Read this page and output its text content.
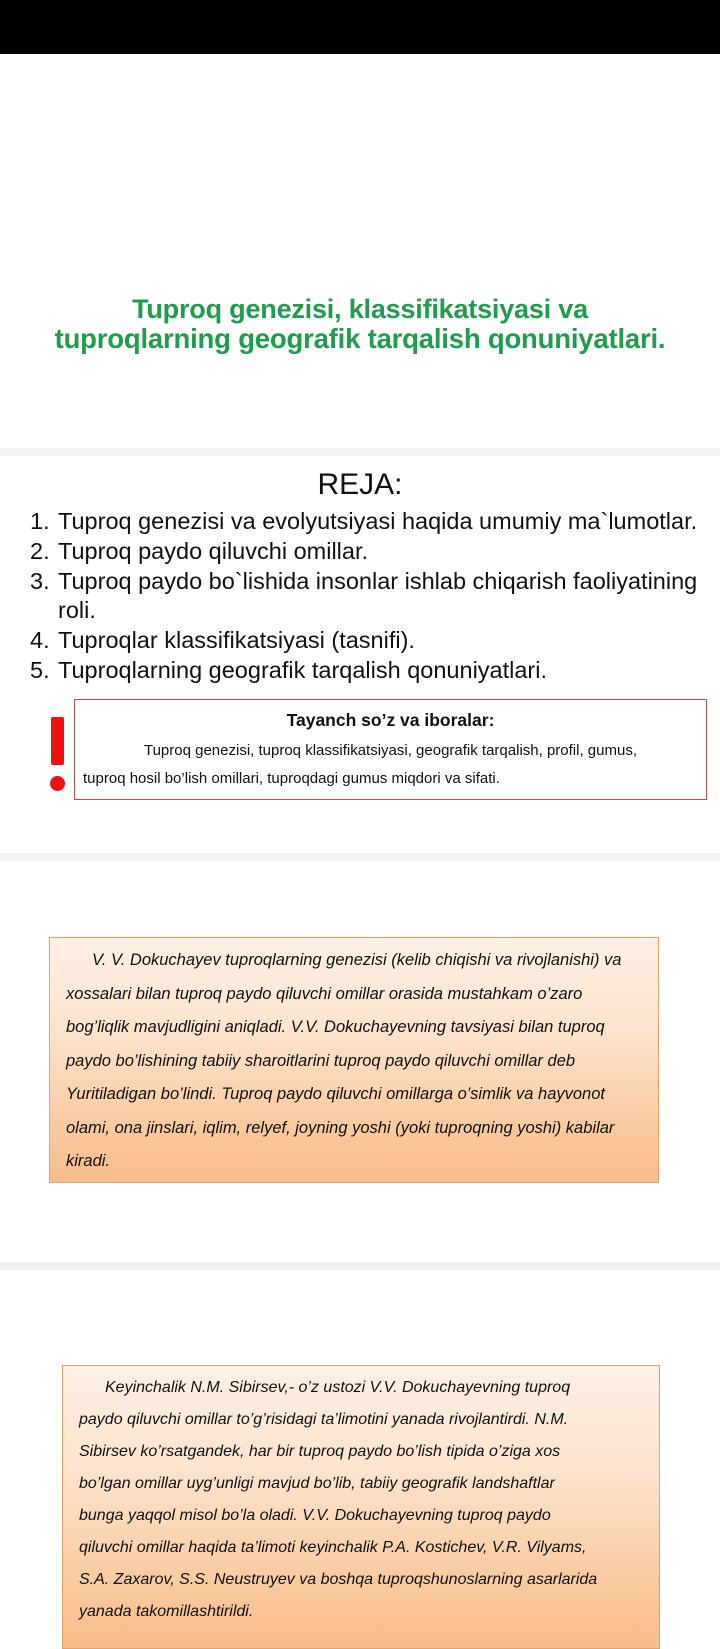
Tuproq genezisi, klassifikatsiyasi va
tuproqlarning geografik tarqalish qonuniyatlari.
REJA:
1. Tuproq genezisi va evolyutsiyasi haqida umumiy ma`lumotlar.
2. Tuproq paydo qiluvchi omillar.
3. Tuproq paydo bo`lishida insonlar ishlab chiqarish faoliyatining roli.
4. Tuproqlar klassifikatsiyasi (tasnifi).
5. Tuproqlarning geografik tarqalish qonuniyatlari.
Tayanch so’z va iboralar:
Tuproq genezisi, tuproq klassifikatsiyasi, geografik tarqalish, profil, gumus,
tuproq hosil bo’lish omillari, tuproqdagi gumus miqdori va sifati.
V. V. Dokuchayev tuproqlarning genezisi (kelib chiqishi va rivojlanishi) va
xossalari bilan tuproq paydo qiluvchi omillar orasida mustahkam o’zaro
bog’liqlik mavjudligini aniqladi. V.V. Dokuchayevning tavsiyasi bilan tuproq
paydo bo’lishining tabiiy sharoitlarini tuproq paydo qiluvchi omillar deb
Yuritiladigan bo’lindi. Tuproq paydo qiluvchi omillarga o’simlik va hayvonot
olami, ona jinslari, iqlim, relyef, joyning yoshi (yoki tuproqning yoshi) kabilar
kiradi.
Keyinchalik N.M. Sibirsev,- o’z ustozi V.V. Dokuchayevning tuproq
paydo qiluvchi omillar to’g’risidagi ta’limotini yanada rivojlantirdi. N.M.
Sibirsev ko’rsatgandek, har bir tuproq paydo bo’lish tipida o’ziga xos
bo’lgan omillar uyg’unligi mavjud bo’lib, tabiiy geografik landshaftlar
bunga yaqqol misol bo’la oladi. V.V. Dokuchayevning tuproq paydo
qiluvchi omillar haqida ta’limoti keyinchalik P.A. Kostichev, V.R. Vilyams,
S.A. Zaxarov, S.S. Neustruyev va boshqa tuproqshunoslarning asarlarida
yanada takomillashtirildi.
